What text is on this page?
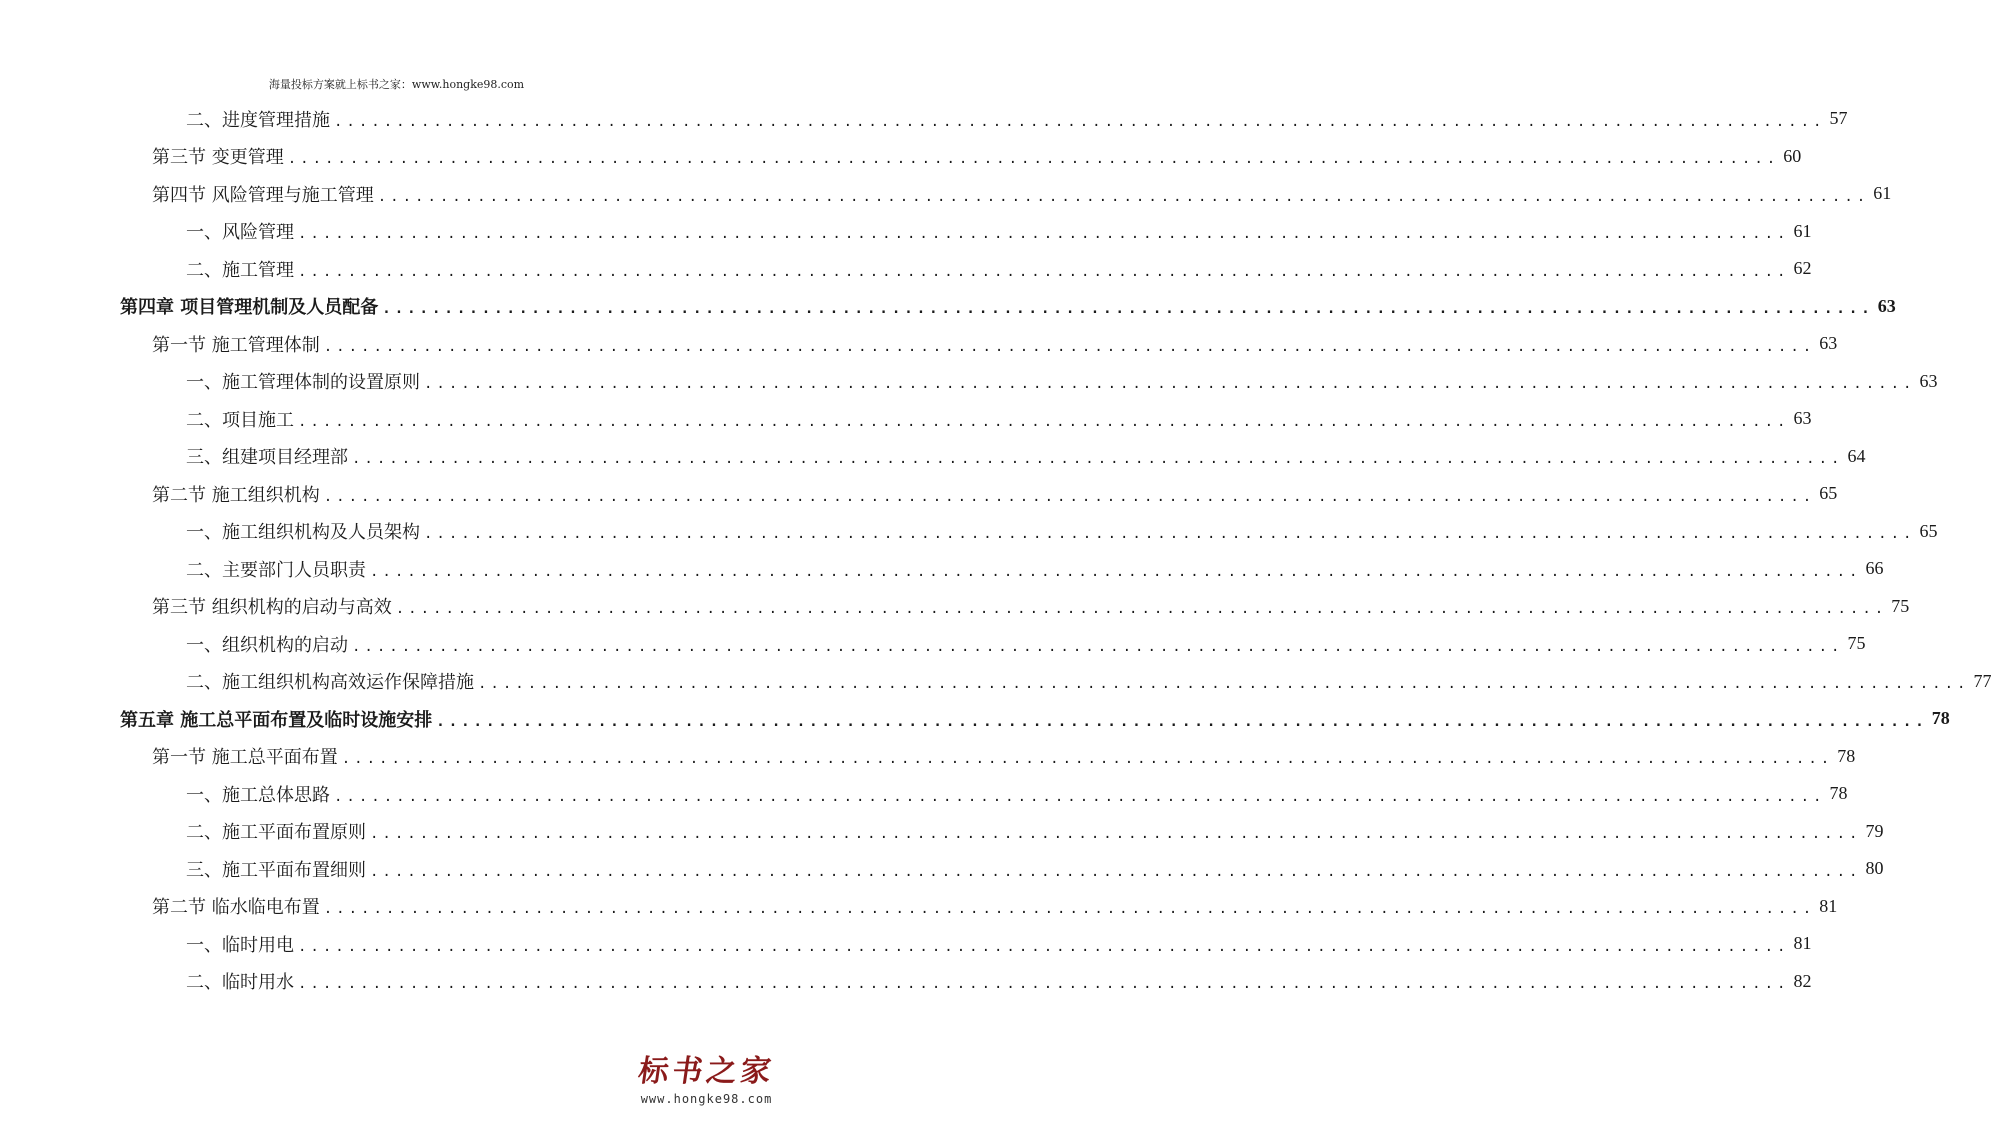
海量投标方案就上标书之家：www.hongke98.com
二、进度管理措施 ........................................................................................................................ 57
第三节 变更管理 ........................................................................................................................ 60
第四节 风险管理与施工管理 ........................................................................................................................ 61
一、风险管理 ........................................................................................................................ 61
二、施工管理 ........................................................................................................................ 62
第四章 项目管理机制及人员配备 ........................................................................................................................ 63
第一节 施工管理体制 ........................................................................................................................ 63
一、施工管理体制的设置原则 ........................................................................................................................ 63
二、项目施工 ........................................................................................................................ 63
三、组建项目经理部 ........................................................................................................................ 64
第二节 施工组织机构 ........................................................................................................................ 65
一、施工组织机构及人员架构 ........................................................................................................................ 65
二、主要部门人员职责 ........................................................................................................................ 66
第三节 组织机构的启动与高效 ........................................................................................................................ 75
一、组织机构的启动 ........................................................................................................................ 75
二、施工组织机构高效运作保障措施 ........................................................................................................................ 77
第五章 施工总平面布置及临时设施安排 ........................................................................................................................ 78
第一节 施工总平面布置 ........................................................................................................................ 78
一、施工总体思路 ........................................................................................................................ 78
二、施工平面布置原则 ........................................................................................................................ 79
三、施工平面布置细则 ........................................................................................................................ 80
第二节 临水临电布置 ........................................................................................................................ 81
一、临时用电 ........................................................................................................................ 81
二、临时用水 ........................................................................................................................ 82
标书之家
www.hongke98.com
